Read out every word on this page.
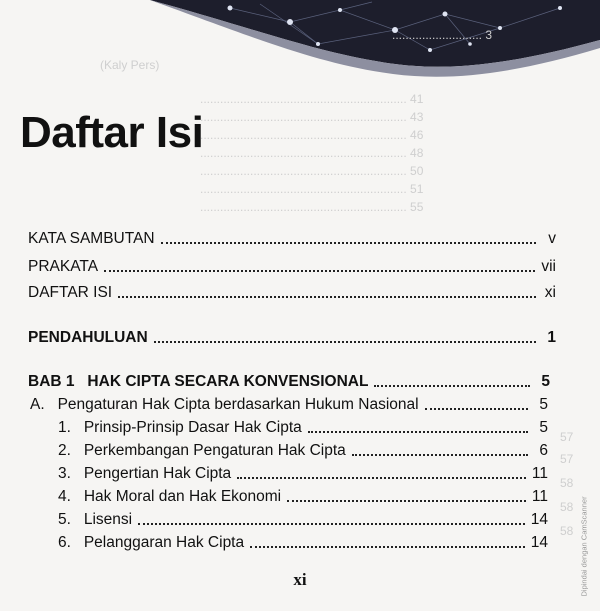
(Kaly Pers)
........................... 3
.............................................................. 41
.............................................................. 43
.............................................................. 46
.............................................................. 48
.............................................................. 50
.............................................................. 51
.............................................................. 55
57
57
58
58
58
Daftar Isi
KATA SAMBUTAN	v
PRAKATA	vii
DAFTAR ISI	xi
PENDAHULUAN	1
BAB 1   HAK CIPTA SECARA KONVENSIONAL	5
A.   Pengaturan Hak Cipta berdasarkan Hukum Nasional	5
1.   Prinsip-Prinsip Dasar Hak Cipta	5
2.   Perkembangan Pengaturan Hak Cipta	6
3.   Pengertian Hak Cipta	11
4.   Hak Moral dan Hak Ekonomi	11
5.   Lisensi	14
6.   Pelanggaran Hak Cipta	14
xi	Dipindai dengan CamScanner
